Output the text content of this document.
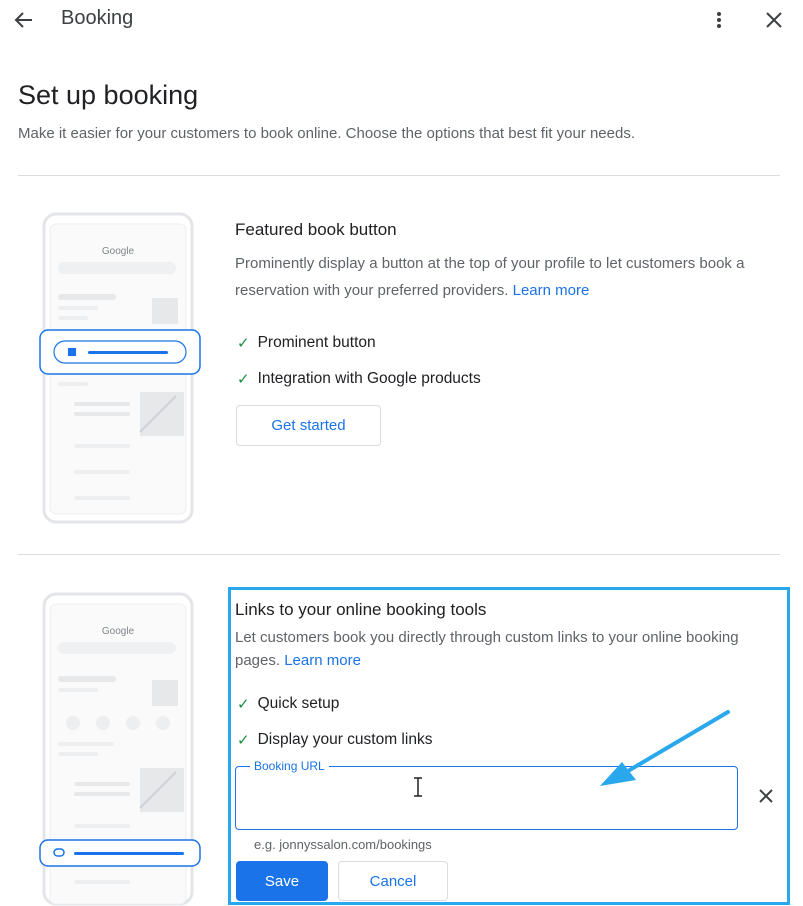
Booking
Set up booking

Make it easier for your customers to book online. Choose the options that best fit your needs.

Google
Featured book button
Prominently display a button at the top of your profile to let customers book a reservation with your preferred providers. Learn more
✓ Prominent button
✓ Integration with Google products
Get started
Google
Links to your online booking tools
Let customers book you directly through custom links to your online booking pages. Learn more
✓ Quick setup
✓ Display your custom links
Booking URL
e.g. jonnyssalon.com/bookings
Save	Cancel
